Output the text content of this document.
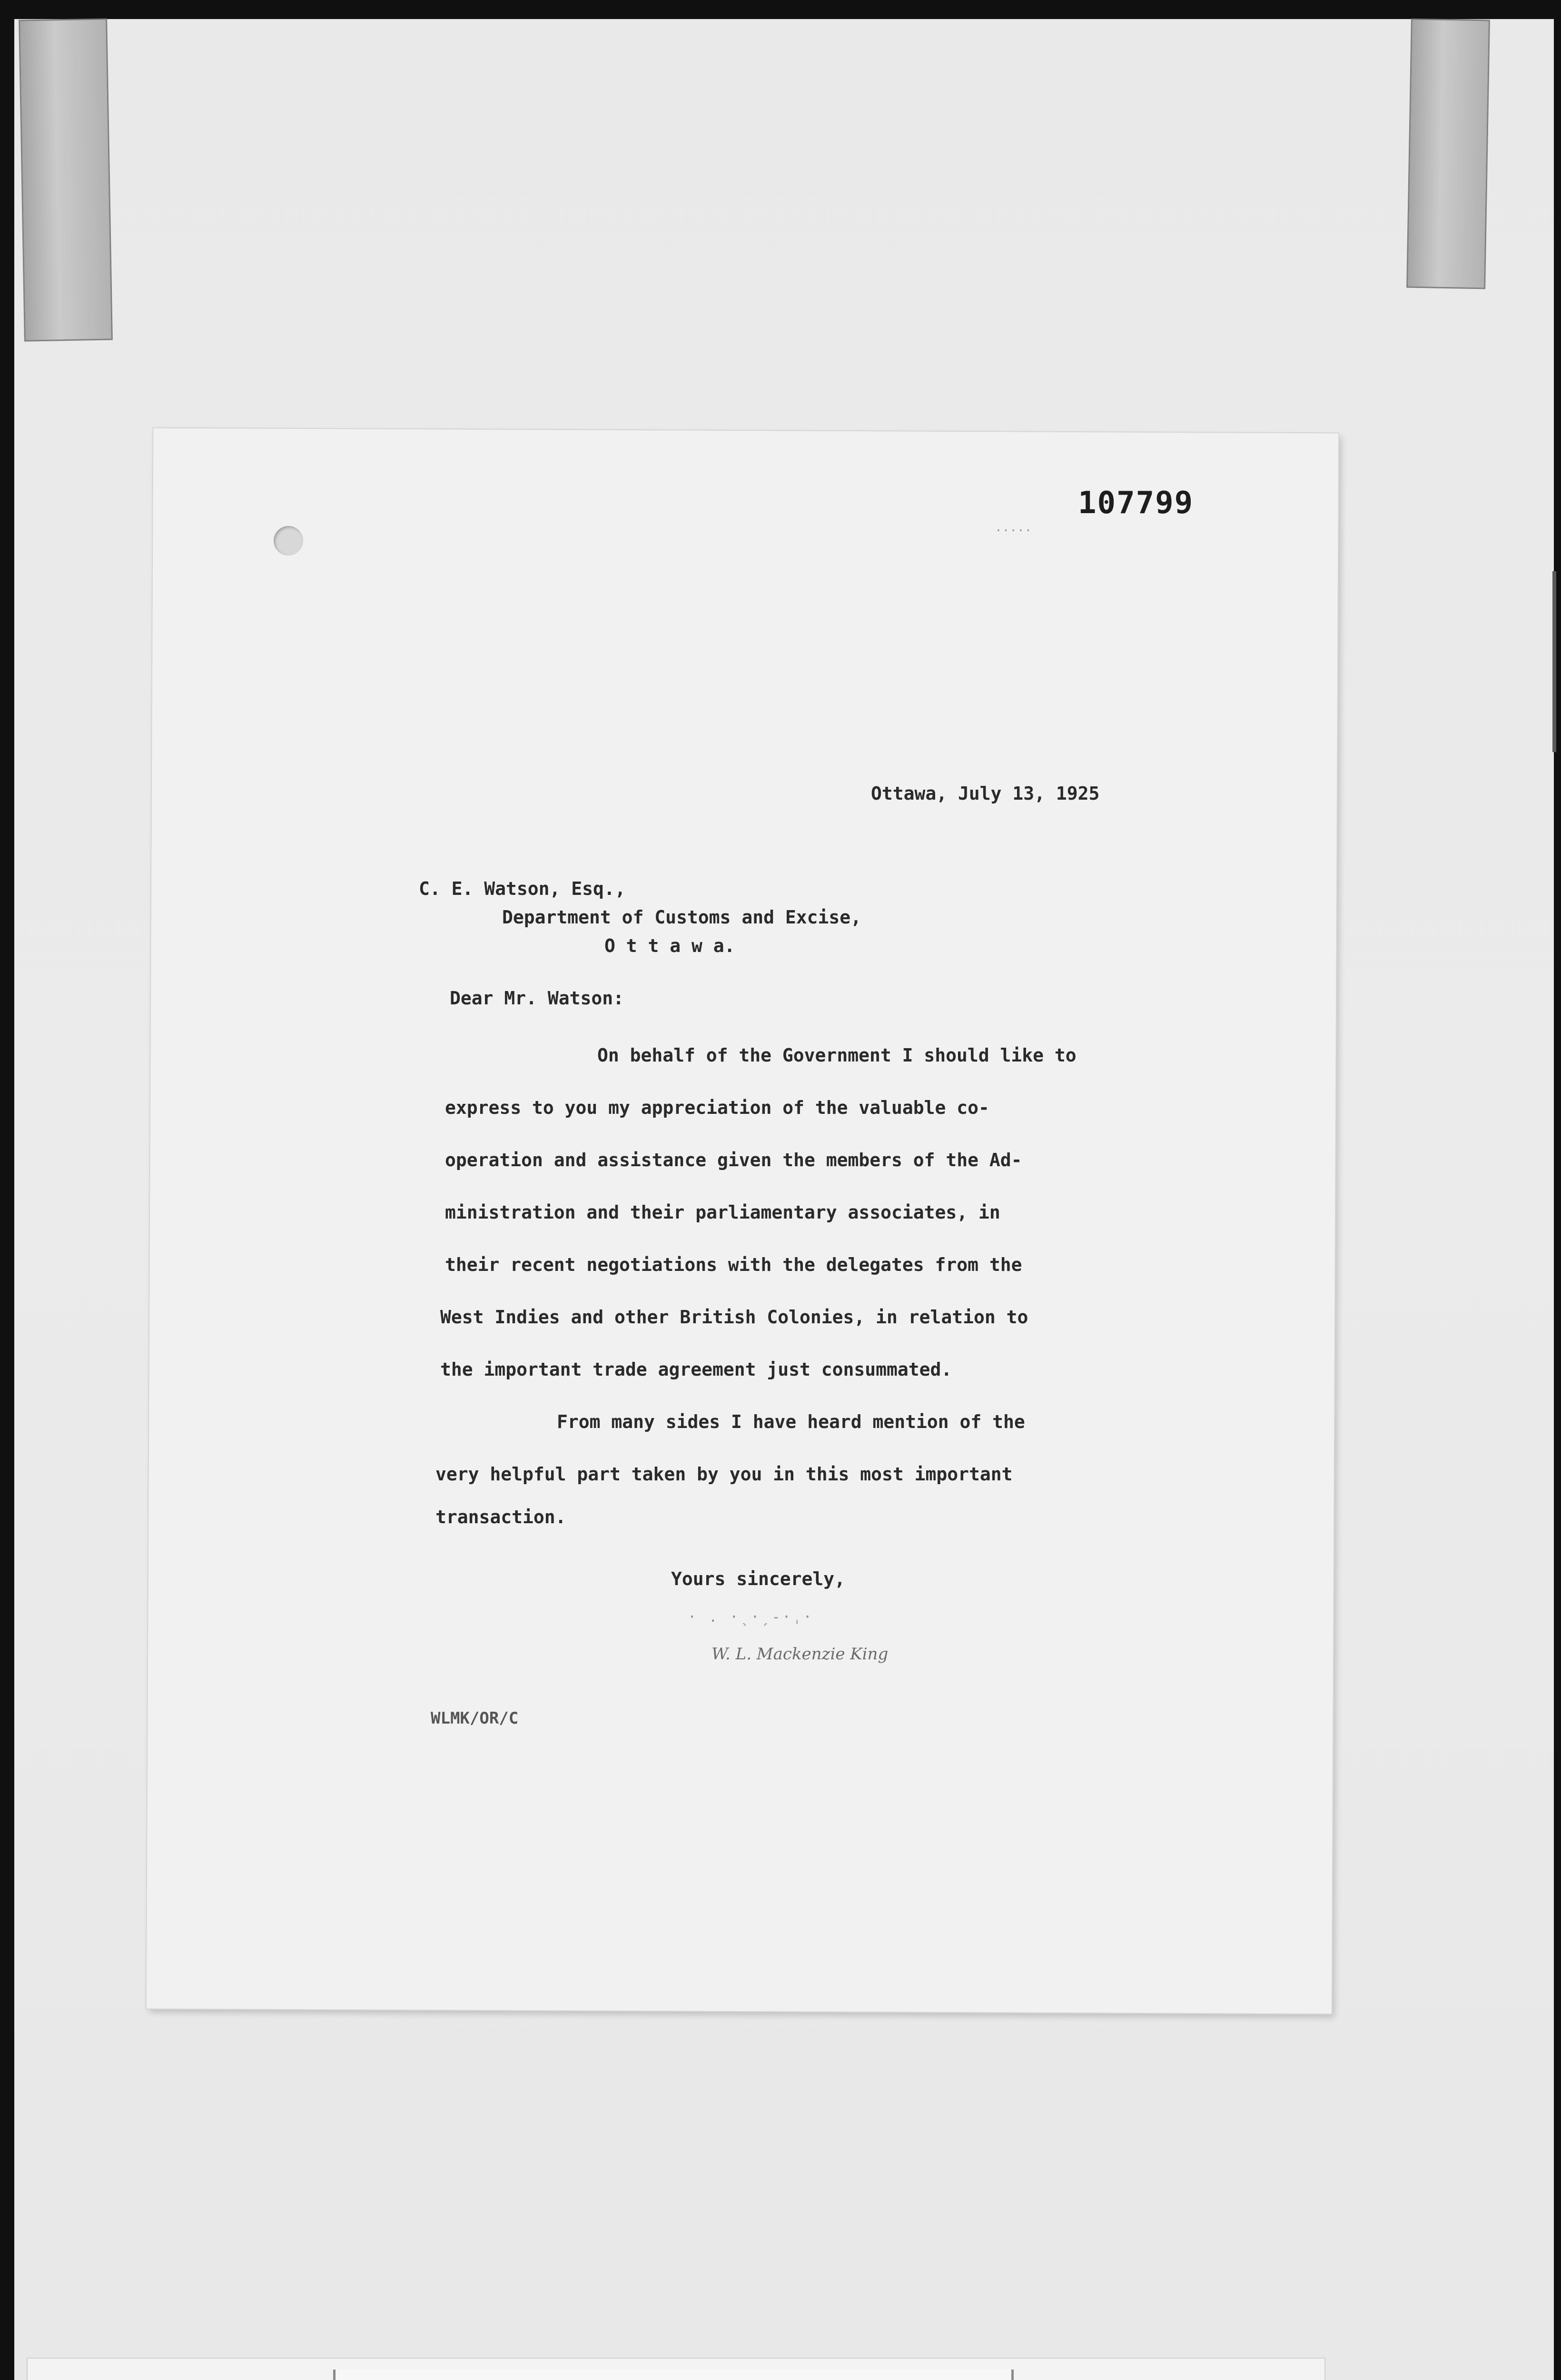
107799
·····
Ottawa, July 13, 1925
C. E. Watson, Esq.,
Department of Customs and Excise,
O t t a w a.
Dear Mr. Watson:
On behalf of the Government I should like to
express to you my appreciation of the valuable co-
operation and assistance given the members of the Ad-
ministration and their parliamentary associates, in
their recent negotiations with the delegates from the
West Indies and other British Colonies, in relation to
the important trade agreement just consummated.
From many sides I have heard mention of the
very helpful part taken by you in this most important
transaction.
Yours sincerely,
· . ·ˎ·ˏ‐·ˌ·
W. L. Mackenzie King
WLMK/OR/C
